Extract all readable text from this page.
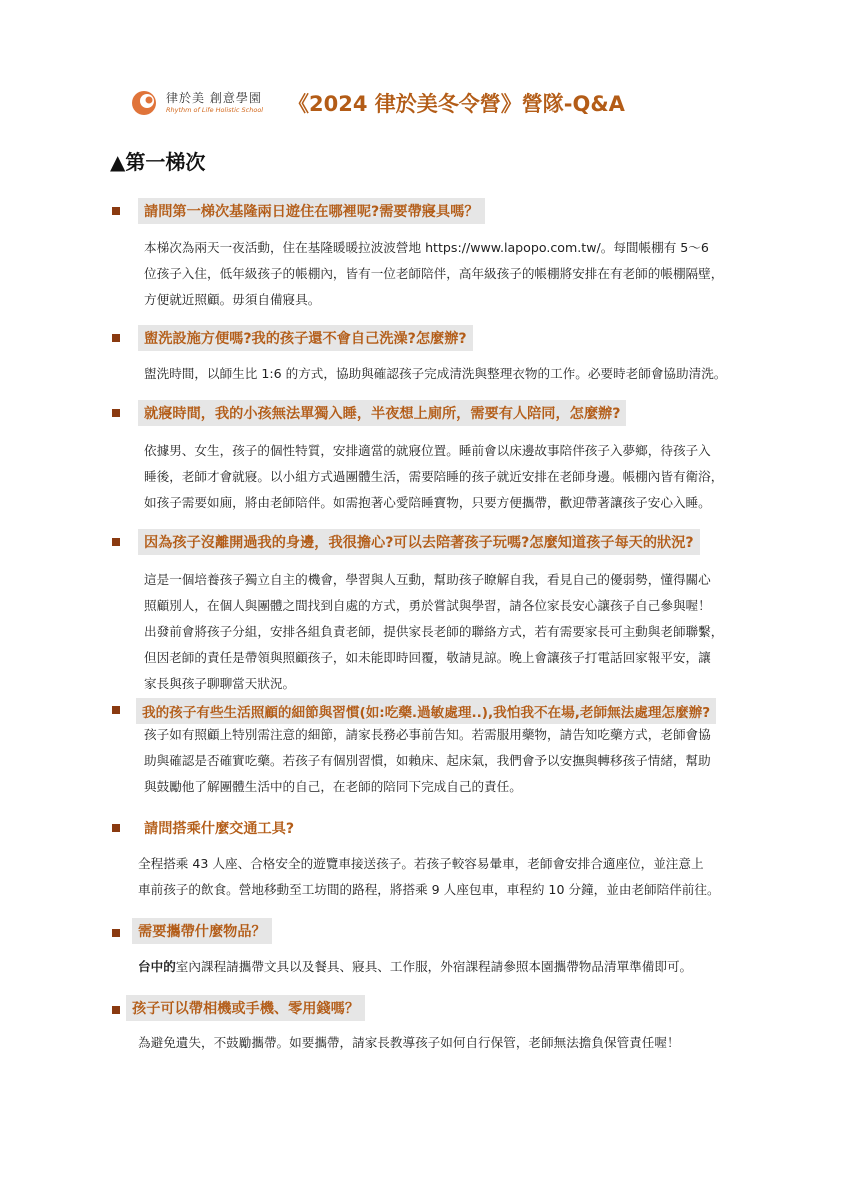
律於美 創意學園
Rhythm of Life Holistic School 《2024 律於美冬令營》營隊-Q&A
▲第一梯次
請問第一梯次基隆兩日遊住在哪裡呢?需要帶寢具嗎？
本梯次為兩天一夜活動，住在基隆暖暖拉波波營地 https://www.lapopo.com.tw/。每間帳棚有 5～6
位孩子入住，低年級孩子的帳棚內，皆有一位老師陪伴，高年級孩子的帳棚將安排在有老師的帳棚隔壁，
方便就近照顧。毋須自備寢具。
盥洗設施方便嗎?我的孩子還不會自己洗澡?怎麼辦?
盥洗時間，以師生比 1:6 的方式，協助與確認孩子完成清洗與整理衣物的工作。必要時老師會協助清洗。
就寢時間，我的小孩無法單獨入睡，半夜想上廁所，需要有人陪同，怎麼辦?
依據男、女生，孩子的個性特質，安排適當的就寢位置。睡前會以床邊故事陪伴孩子入夢鄉，待孩子入
睡後，老師才會就寢。以小組方式過團體生活，需要陪睡的孩子就近安排在老師身邊。帳棚內皆有衛浴，
如孩子需要如廁，將由老師陪伴。如需抱著心愛陪睡寶物，只要方便攜帶，歡迎帶著讓孩子安心入睡。
因為孩子沒離開過我的身邊，我很擔心?可以去陪著孩子玩嗎?怎麼知道孩子每天的狀況?
這是一個培養孩子獨立自主的機會，學習與人互動，幫助孩子瞭解自我，看見自己的優弱勢，懂得關心
照顧別人，在個人與團體之間找到自處的方式，勇於嘗試與學習，請各位家長安心讓孩子自己參與喔！
出發前會將孩子分組，安排各組負責老師，提供家長老師的聯絡方式，若有需要家長可主動與老師聯繫，
但因老師的責任是帶領與照顧孩子，如未能即時回覆，敬請見諒。晚上會讓孩子打電話回家報平安，讓
家長與孩子聊聊當天狀況。
我的孩子有些生活照顧的細節與習慣(如:吃藥.過敏處理..),我怕我不在場,老師無法處理怎麼辦?
孩子如有照顧上特別需注意的細節，請家長務必事前告知。若需服用藥物，請告知吃藥方式，老師會協
助與確認是否確實吃藥。若孩子有個別習慣，如賴床、起床氣，我們會予以安撫與轉移孩子情緒，幫助
與鼓勵他了解團體生活中的自己，在老師的陪同下完成自己的責任。
請問搭乘什麼交通工具?
全程搭乘 43 人座、合格安全的遊覽車接送孩子。若孩子較容易暈車，老師會安排合適座位，並注意上
車前孩子的飲食。營地移動至工坊間的路程，將搭乘 9 人座包車，車程約 10 分鐘，並由老師陪伴前往。
需要攜帶什麼物品？
台中的室內課程請攜帶文具以及餐具、寢具、工作服，外宿課程請參照本園攜帶物品清單準備即可。
孩子可以帶相機或手機、零用錢嗎？
為避免遺失，不鼓勵攜帶。如要攜帶，請家長教導孩子如何自行保管，老師無法擔負保管責任喔！
